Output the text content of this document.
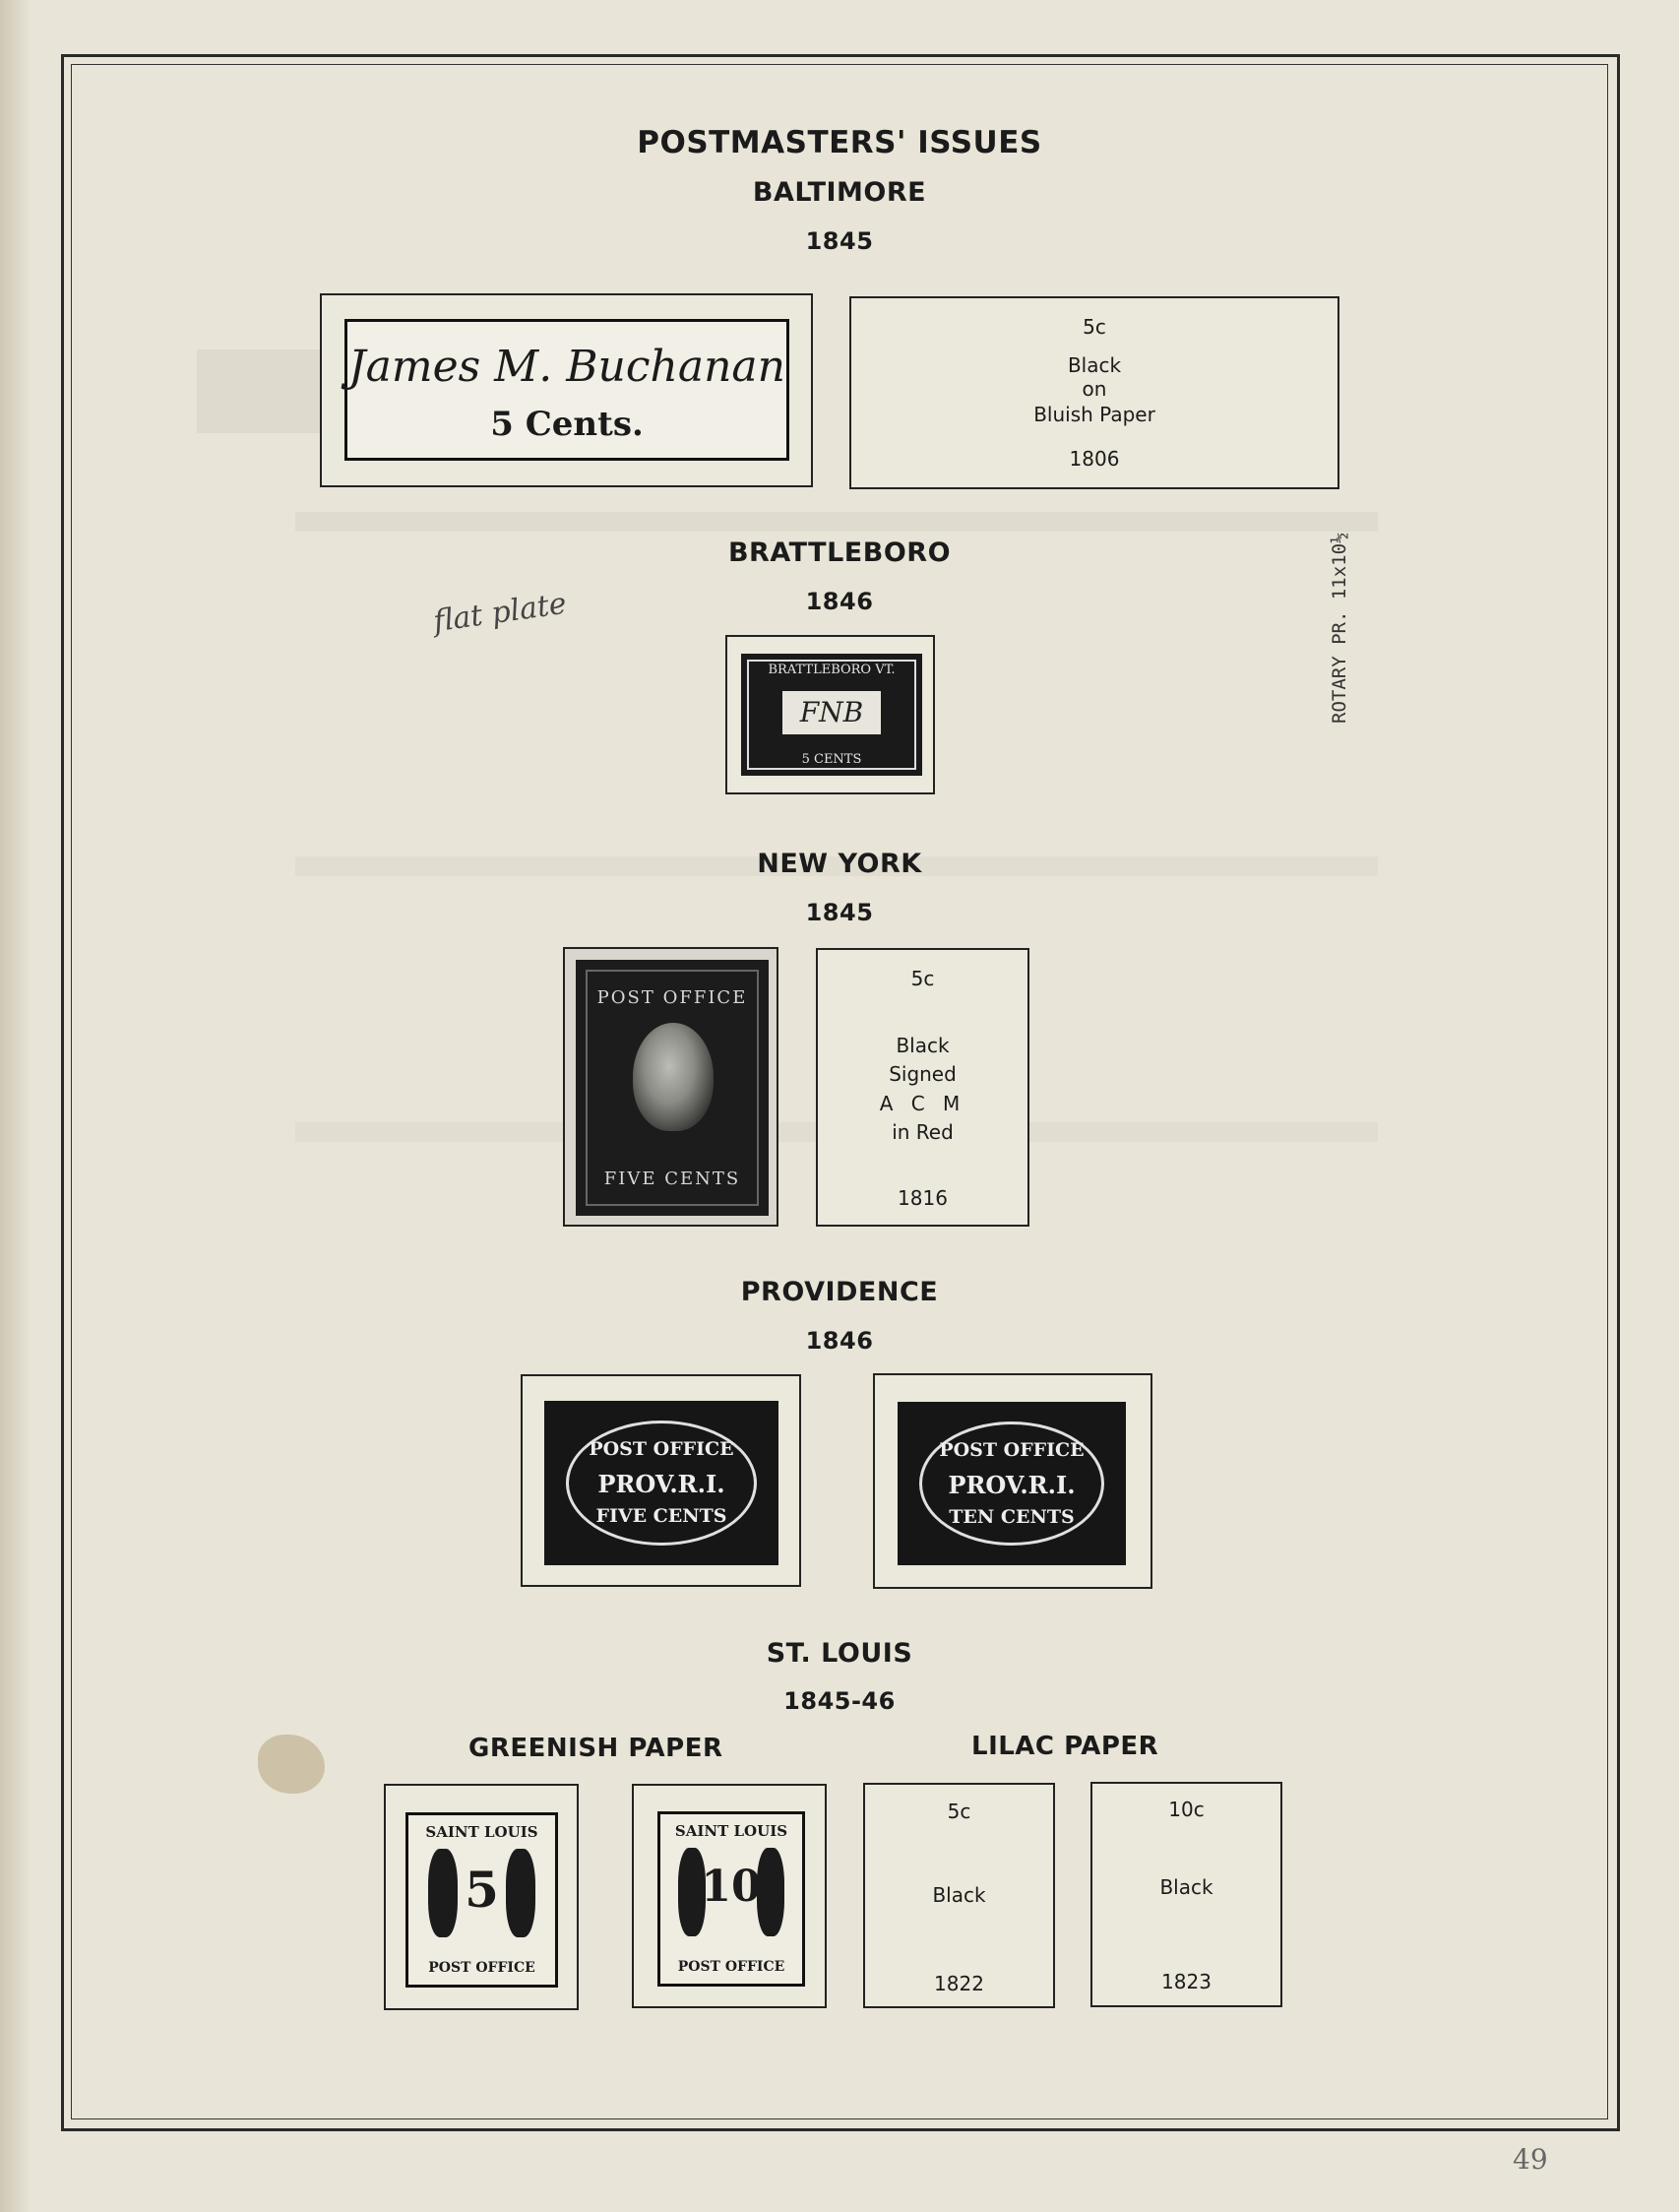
POSTMASTERS' ISSUES
BALTIMORE
1845
James M. Buchanan
5 Cents.
5c
Black
on
Bluish Paper
1806
BRATTLEBORO
1846
flat plate	ROTARY PR. 11x10½
BRATTLEBORO VT.
FNB
5 CENTS
NEW YORK
1845
POST OFFICE
FIVE CENTS
5c
Black
Signed
A C M
in Red
1816
PROVIDENCE
1846
POST OFFICE
PROV.R.I.
FIVE CENTS
POST OFFICE
PROV.R.I.
TEN CENTS
ST. LOUIS
1845-46
GREENISH PAPER	LILAC PAPER
SAINT LOUIS
5
POST OFFICE
SAINT LOUIS
10
POST OFFICE
5c
Black
1822
10c
Black
1823
49
